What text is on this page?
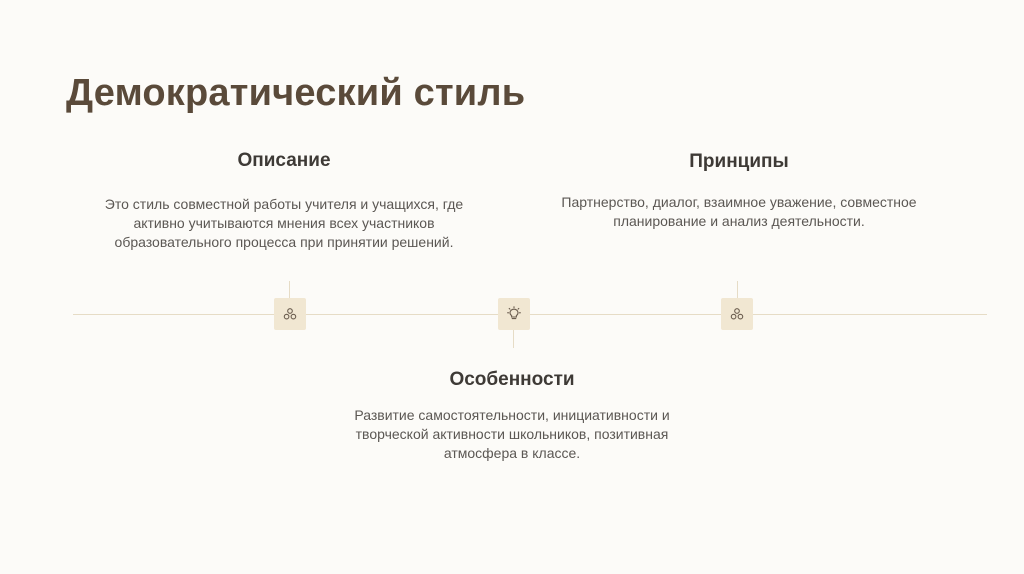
Демократический стиль
Описание

Это стиль совместной работы учителя и учащихся, где
активно учитываются мнения всех участников
образовательного процесса при принятии решений.

Принципы

Партнерство, диалог, взаимное уважение, совместное
планирование и анализ деятельности.

Особенности

Развитие самостоятельности, инициативности и
творческой активности школьников, позитивная
атмосфера в классе.
